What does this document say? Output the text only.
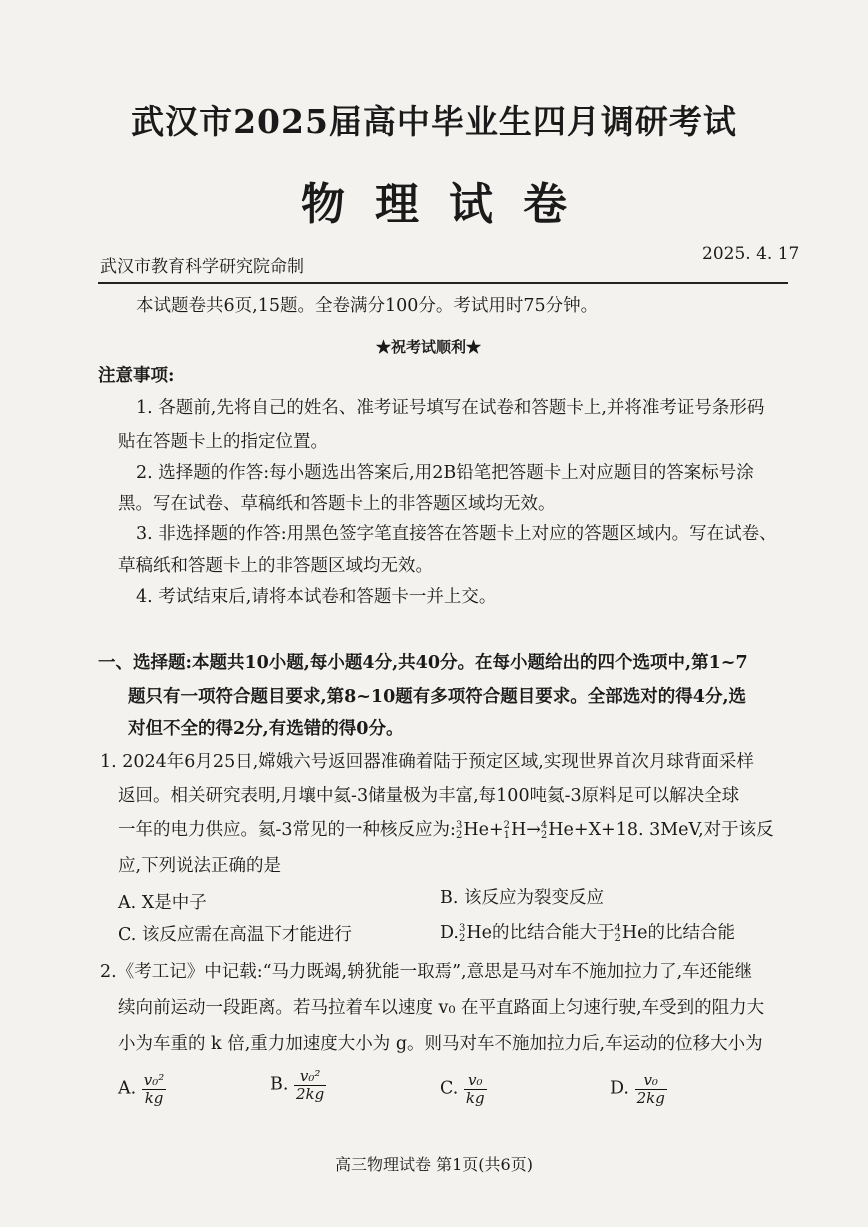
武汉市2025届高中毕业生四月调研考试
物理试卷
武汉市教育科学研究院命制
2025. 4. 17
本试题卷共6页,15题。全卷满分100分。考试用时75分钟。
★祝考试顺利★
注意事项:
1. 各题前,先将自己的姓名、准考证号填写在试卷和答题卡上,并将准考证号条形码
贴在答题卡上的指定位置。
2. 选择题的作答:每小题选出答案后,用2B铅笔把答题卡上对应题目的答案标号涂
黑。写在试卷、草稿纸和答题卡上的非答题区域均无效。
3. 非选择题的作答:用黑色签字笔直接答在答题卡上对应的答题区域内。写在试卷、
草稿纸和答题卡上的非答题区域均无效。
4. 考试结束后,请将本试卷和答题卡一并上交。
一、选择题:本题共10小题,每小题4分,共40分。在每小题给出的四个选项中,第1~7
题只有一项符合题目要求,第8~10题有多项符合题目要求。全部选对的得4分,选
对但不全的得2分,有选错的得0分。
1. 2024年6月25日,嫦娥六号返回器准确着陆于预定区域,实现世界首次月球背面采样
返回。相关研究表明,月壤中氦-3储量极为丰富,每100吨氦-3原料足可以解决全球
一年的电力供应。氦-3常见的一种核反应为: 3
2 He+ 2
1 H→ 4
2 He+X+18. 3MeV,对于该反
应,下列说法正确的是
A. X是中子	B. 该反应为裂变反应
C. 该反应需在高温下才能进行	D. 3
2 He的比结合能大于 4
2 He的比结合能
2.《考工记》中记载:“马力既竭,辀犹能一取焉”,意思是马对车不施加拉力了,车还能继
续向前运动一段距离。若马拉着车以速度 v₀ 在平直路面上匀速行驶,车受到的阻力大
小为车重的 k 倍,重力加速度大小为 g。则马对车不施加拉力后,车运动的位移大小为
A. $\frac{\text{v₀²}}{kg}$	B. $\frac{\text{v₀²}}{2kg}$	C. $\frac{\text{v₀}}{kg}$	D. $\frac{\text{v₀}}{2kg}$
高三物理试卷 第1页(共6页)
